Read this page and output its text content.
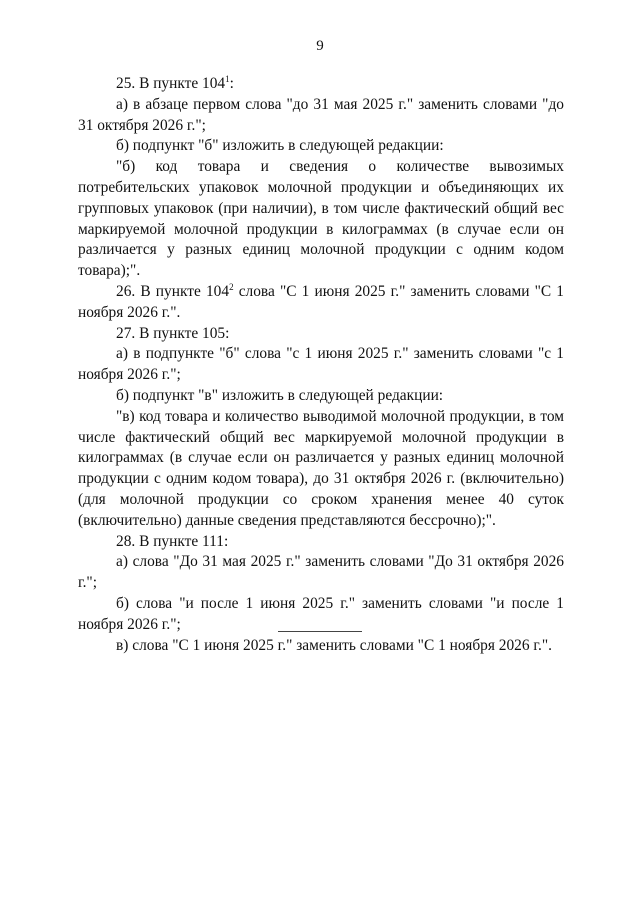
9

25. В пункте $104^1$:

а) в абзаце первом слова "до 31 мая 2025 г." заменить словами "до 31 октября 2026 г.";

б) подпункт "б" изложить в следующей редакции:

"б) код товара и сведения о количестве вывозимых потребительских упаковок молочной продукции и объединяющих их групповых упаковок (при наличии), в том числе фактический общий вес маркируемой молочной продукции в килограммах (в случае если он различается у разных единиц молочной продукции с одним кодом товара);".

26. В пункте $104^2$ слова "С 1 июня 2025 г." заменить словами "С 1 ноября 2026 г.".

27. В пункте 105:

а) в подпункте "б" слова "с 1 июня 2025 г." заменить словами "с 1 ноября 2026 г.";

б) подпункт "в" изложить в следующей редакции:

"в) код товара и количество выводимой молочной продукции, в том числе фактический общий вес маркируемой молочной продукции в килограммах (в случае если он различается у разных единиц молочной продукции с одним кодом товара), до 31 октября 2026 г. (включительно) (для молочной продукции со сроком хранения менее 40 суток (включительно) данные сведения представляются бессрочно);".

28. В пункте 111:

а) слова "До 31 мая 2025 г." заменить словами "До 31 октября 2026 г.";

б) слова "и после 1 июня 2025 г." заменить словами "и после 1 ноября 2026 г.";

в) слова "С 1 июня 2025 г." заменить словами "С 1 ноября 2026 г.".
